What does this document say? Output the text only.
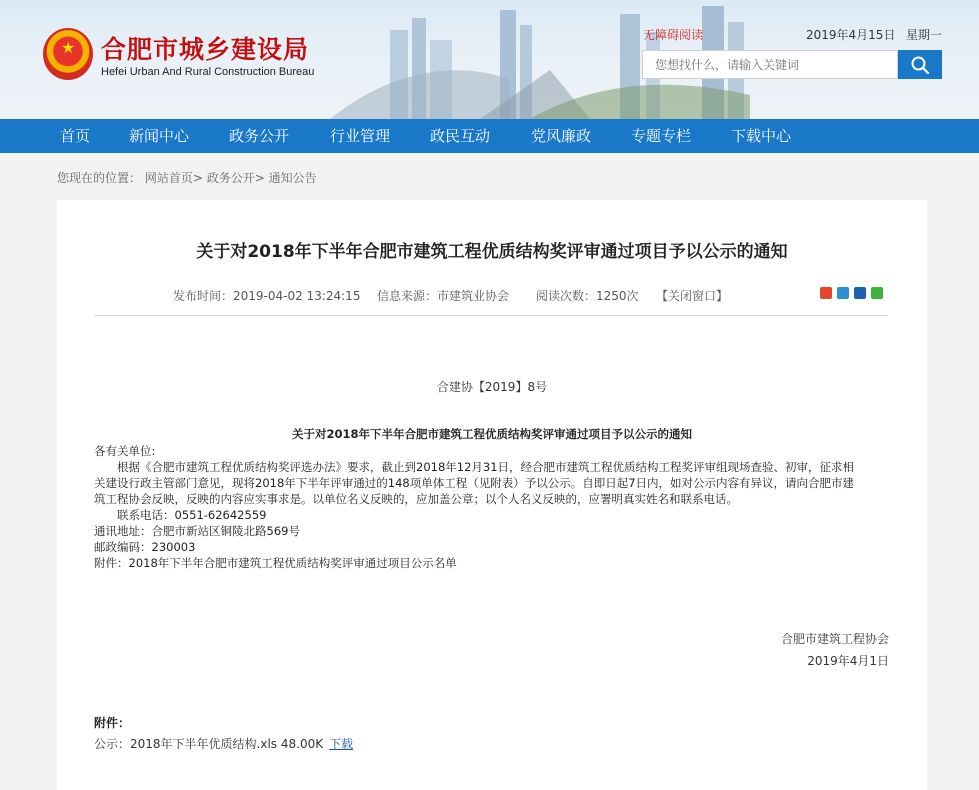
★ 合肥市城乡建设局
Hefei Urban And Rural Construction Bureau
无障碍阅读	2019年4月15日 星期一
您想找什么，请输入关键词
首页	新闻中心	政务公开	行业管理	政民互动	党风廉政	专题专栏	下载中心
您现在的位置： 网站首页> 政务公开> 通知公告
关于对2018年下半年合肥市建筑工程优质结构奖评审通过项目予以公示的通知
发布时间：2019-04-02 13:24:15 信息来源：市建筑业协会 阅读次数：1250次 【关闭窗口】
合建协【2019】8号
关于对2018年下半年合肥市建筑工程优质结构奖评审通过项目予以公示的通知
各有关单位:
　　根据《合肥市建筑工程优质结构奖评选办法》要求，截止到2018年12月31日，经合肥市建筑工程优质结构工程奖评审组现场查验、初审，征求相
关建设行政主管部门意见，现将2018年下半年评审通过的148项单体工程（见附表）予以公示。自即日起7日内，如对公示内容有异议，请向合肥市建
筑工程协会反映，反映的内容应实事求是。以单位名义反映的，应加盖公章；以个人名义反映的，应署明真实姓名和联系电话。
　　联系电话：0551-62642559
通讯地址：合肥市新站区铜陵北路569号
邮政编码：230003
附件：2018年下半年合肥市建筑工程优质结构奖评审通过项目公示名单
合肥市建筑工程协会
2019年4月1日
附件：
公示：2018年下半年优质结构.xls 48.00K 下载
